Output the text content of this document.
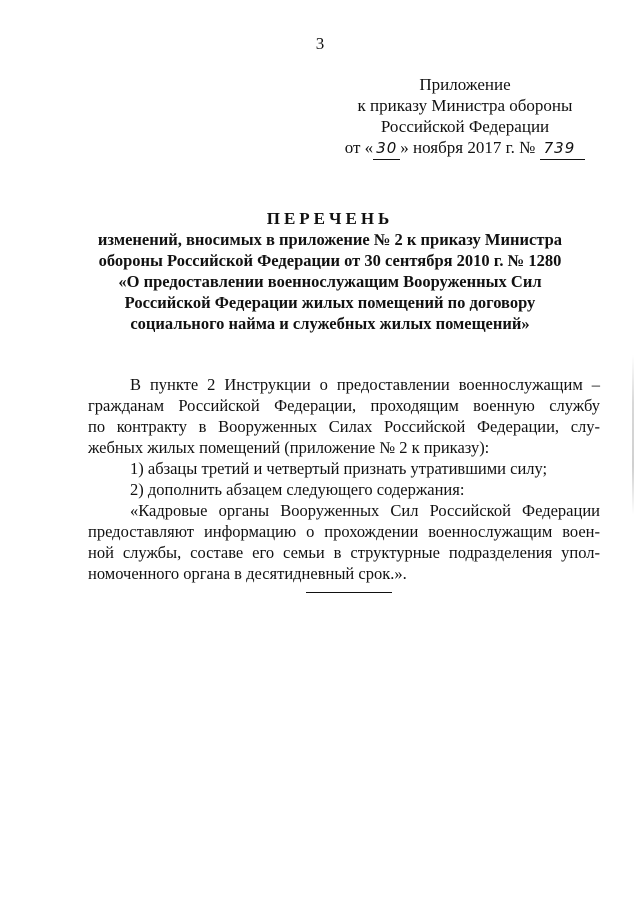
3
Приложение
к приказу Министра обороны
Российской Федерации
от « 30 » ноября 2017 г. № 739
ПЕРЕЧЕНЬ
изменений, вносимых в приложение № 2 к приказу Министра
обороны Российской Федерации от 30 сентября 2010 г. № 1280
«О предоставлении военнослужащим Вооруженных Сил
Российской Федерации жилых помещений по договору
социального найма и служебных жилых помещений»
В пункте 2 Инструкции о предоставлении военнослужащим –
гражданам Российской Федерации, проходящим военную службу
по контракту в Вооруженных Силах Российской Федерации, слу-
жебных жилых помещений (приложение № 2 к приказу):
1) абзацы третий и четвертый признать утратившими силу;
2) дополнить абзацем следующего содержания:
«Кадровые органы Вооруженных Сил Российской Федерации
предоставляют информацию о прохождении военнослужащим воен-
ной службы, составе его семьи в структурные подразделения упол-
номоченного органа в десятидневный срок.».
